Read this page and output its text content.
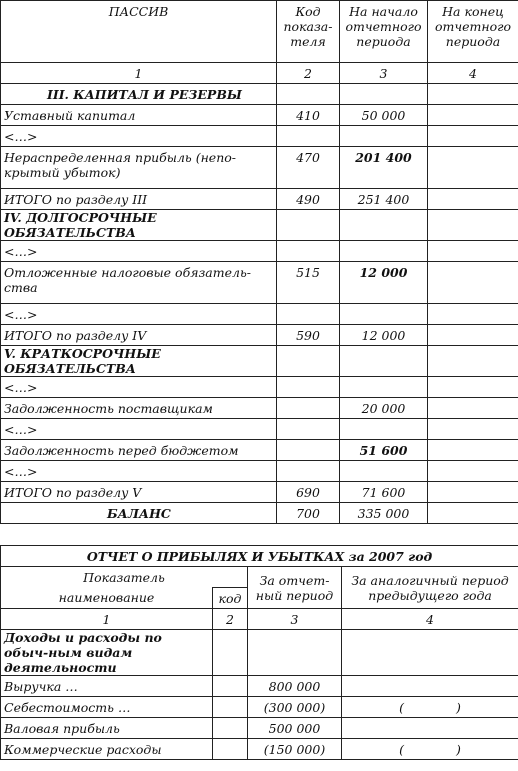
ПАССИВ	Код показа-теля	На начало отчетного периода	На конец отчетного периода
1	2	3	4
III. КАПИТАЛ И РЕЗЕРВЫ			
Уставный капитал	410	50 000	
<…>			
Нераспределенная прибыль (непо-крытый убыток)	470	201 400	
ИТОГО по разделу III	490	251 400	
IV. ДОЛГОСРОЧНЫЕ ОБЯЗАТЕЛЬСТВА			
<…>			
Отложенные налоговые обязатель-ства	515	12 000	
<…>			
ИТОГО по разделу IV	590	12 000	
V. КРАТКОСРОЧНЫЕ ОБЯЗАТЕЛЬСТВА			
<…>			
Задолженность поставщикам		20 000	
<…>			
Задолженность перед бюджетом		51 600	
<…>			
ИТОГО по разделу V	690	71 600	
БАЛАНС	700	335 000	
ОТЧЕТ О ПРИБЫЛЯХ И УБЫТКАХ за 2007 год			
Показатель		За отчет-ный период	За аналогичный период предыдущего года
наименование	код		
1	2	3	4
Доходы и расходы по обыч-ным видам деятельности			
Выручка …		800 000	
Себестоимость …		(300 000)	( )
Валовая прибыль		500 000	
Коммерческие расходы		(150 000)	( )
